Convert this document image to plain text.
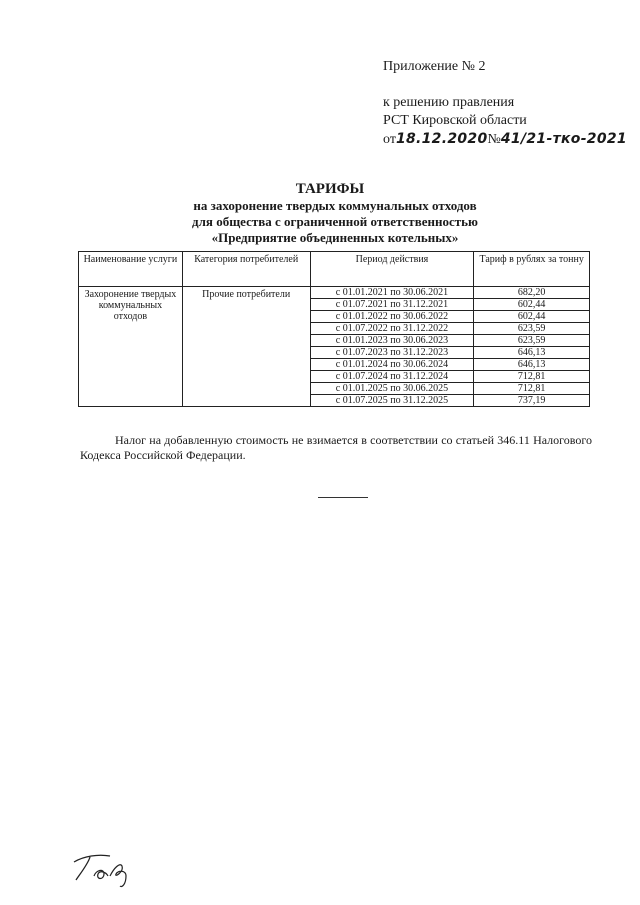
Приложение № 2
к решению правления
РСТ Кировской области
от18.12.2020№41/21-тко-2021
ТАРИФЫ
на захоронение твердых коммунальных отходов
для общества с ограниченной ответственностью
«Предприятие объединенных котельных»
Наименование услуги	Категория потребителей	Период действия	Тариф в рублях за тонну
Захоронение твердых коммунальных отходов	Прочие потребители	с 01.01.2021 по 30.06.2021	682,20
		с 01.07.2021 по 31.12.2021	602,44
		с 01.01.2022 по 30.06.2022	602,44
		с 01.07.2022 по 31.12.2022	623,59
		с 01.01.2023 по 30.06.2023	623,59
		с 01.07.2023 по 31.12.2023	646,13
		с 01.01.2024 по 30.06.2024	646,13
		с 01.07.2024 по 31.12.2024	712,81
		с 01.01.2025 по 30.06.2025	712,81
		с 01.07.2025 по 31.12.2025	737,19
Налог на добавленную стоимость не взимается в соответствии со статьей 346.11 Налогового Кодекса Российской Федерации.
